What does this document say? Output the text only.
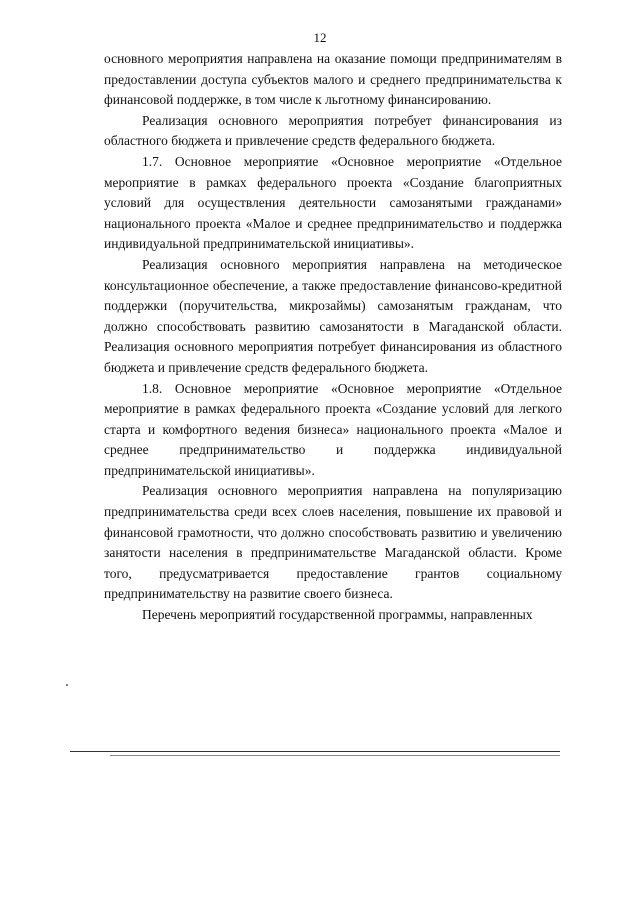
12

основного мероприятия направлена на оказание помощи предпринимателям в предоставлении доступа субъектов малого и среднего предпринимательства к финансовой поддержке, в том числе к льготному финансированию.

Реализация основного мероприятия потребует финансирования из областного бюджета и привлечение средств федерального бюджета.

1.7. Основное мероприятие «Основное мероприятие «Отдельное мероприятие в рамках федерального проекта «Создание благоприятных условий для осуществления деятельности самозанятыми гражданами» национального проекта «Малое и среднее предпринимательство и поддержка индивидуальной предпринимательской инициативы».

Реализация основного мероприятия направлена на методическое консультационное обеспечение, а также предоставление финансово-кредитной поддержки (поручительства, микрозаймы) самозанятым гражданам, что должно способствовать развитию самозанятости в Магаданской области. Реализация основного мероприятия потребует финансирования из областного бюджета и привлечение средств федерального бюджета.

1.8. Основное мероприятие «Основное мероприятие «Отдельное мероприятие в рамках федерального проекта «Создание условий для легкого старта и комфортного ведения бизнеса» национального проекта «Малое и среднее предпринимательство и поддержка индивидуальной предпринимательской инициативы».

Реализация основного мероприятия направлена на популяризацию предпринимательства среди всех слоев населения, повышение их правовой и финансовой грамотности, что должно способствовать развитию и увеличению занятости населения в предпринимательстве Магаданской области. Кроме того, предусматривается предоставление грантов социальному предпринимательству на развитие своего бизнеса.

Перечень мероприятий государственной программы, направленных
